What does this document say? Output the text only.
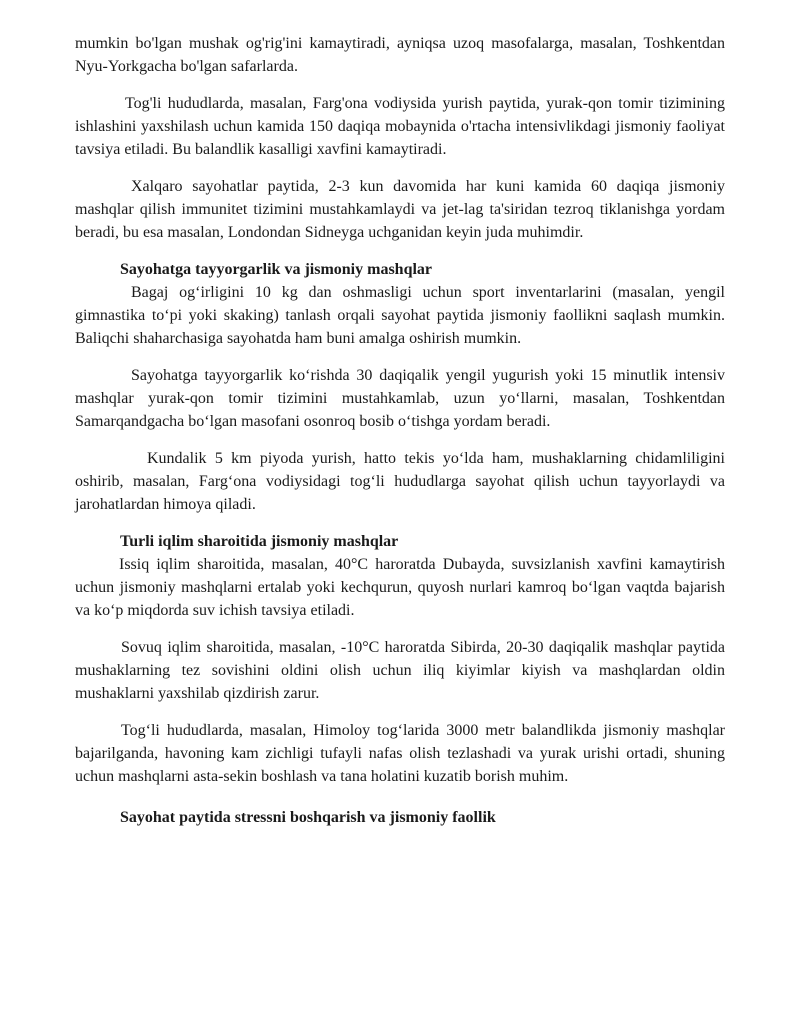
mumkin bo'lgan mushak og'rig'ini kamaytiradi, ayniqsa uzoq masofalarga, masalan, Toshkentdan Nyu-Yorkgacha bo'lgan safarlarda.

Tog'li hududlarda, masalan, Farg'ona vodiysida yurish paytida, yurak-qon tomir tizimining ishlashini yaxshilash uchun kamida 150 daqiqa mobaynida o'rtacha intensivlikdagi jismoniy faoliyat tavsiya etiladi. Bu balandlik kasalligi xavfini kamaytiradi.

Xalqaro sayohatlar paytida, 2-3 kun davomida har kuni kamida 60 daqiqa jismoniy mashqlar qilish immunitet tizimini mustahkamlaydi va jet-lag ta'siridan tezroq tiklanishga yordam beradi, bu esa masalan, Londondan Sidneyga uchganidan keyin juda muhimdir.

Sayohatga tayyorgarlik va jismoniy mashqlar

Bagaj og‘irligini 10 kg dan oshmasligi uchun sport inventarlarini (masalan, yengil gimnastika to‘pi yoki skaking) tanlash orqali sayohat paytida jismoniy faollikni saqlash mumkin. Baliqchi shaharchasiga sayohatda ham buni amalga oshirish mumkin.

Sayohatga tayyorgarlik ko‘rishda 30 daqiqalik yengil yugurish yoki 15 minutlik intensiv mashqlar yurak-qon tomir tizimini mustahkamlab, uzun yo‘llarni, masalan, Toshkentdan Samarqandgacha bo‘lgan masofani osonroq bosib o‘tishga yordam beradi.

Kundalik 5 km piyoda yurish, hatto tekis yo‘lda ham, mushaklarning chidamliligini oshirib, masalan, Farg‘ona vodiysidagi tog‘li hududlarga sayohat qilish uchun tayyorlaydi va jarohatlardan himoya qiladi.

Turli iqlim sharoitida jismoniy mashqlar

Issiq iqlim sharoitida, masalan, 40°C haroratda Dubayda, suvsizlanish xavfini kamaytirish uchun jismoniy mashqlarni ertalab yoki kechqurun, quyosh nurlari kamroq bo‘lgan vaqtda bajarish va ko‘p miqdorda suv ichish tavsiya etiladi.

Sovuq iqlim sharoitida, masalan, -10°C haroratda Sibirda, 20-30 daqiqalik mashqlar paytida mushaklarning tez sovishini oldini olish uchun iliq kiyimlar kiyish va mashqlardan oldin mushaklarni yaxshilab qizdirish zarur.

Tog‘li hududlarda, masalan, Himoloy tog‘larida 3000 metr balandlikda jismoniy mashqlar bajarilganda, havoning kam zichligi tufayli nafas olish tezlashadi va yurak urishi ortadi, shuning uchun mashqlarni asta-sekin boshlash va tana holatini kuzatib borish muhim.

Sayohat paytida stressni boshqarish va jismoniy faollik
